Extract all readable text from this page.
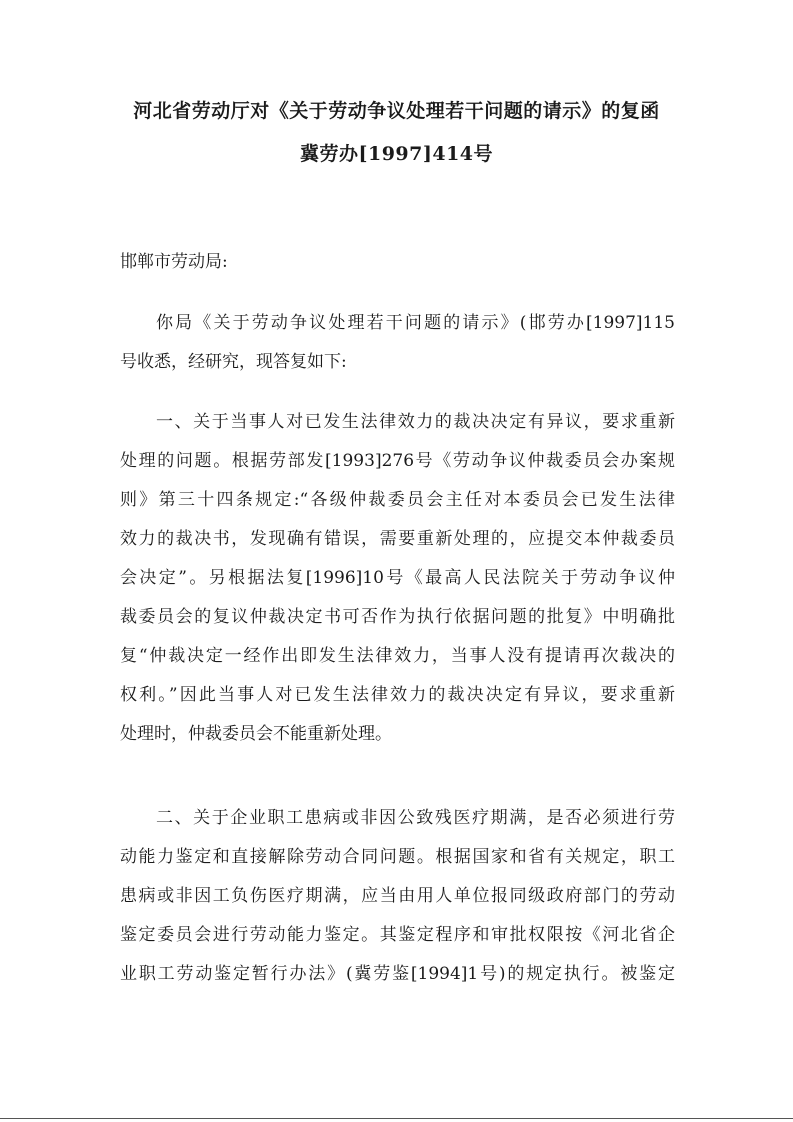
河北省劳动厅对《关于劳动争议处理若干问题的请示》的复函
冀劳办[1997]414号
邯郸市劳动局:
你局《关于劳动争议处理若干问题的请示》(邯劳办[1997]115
号收悉，经研究，现答复如下:
一、关于当事人对已发生法律效力的裁决决定有异议，要求重新
处理的问题。根据劳部发[1993]276号《劳动争议仲裁委员会办案规
则》第三十四条规定:“各级仲裁委员会主任对本委员会已发生法律
效力的裁决书，发现确有错误，需要重新处理的，应提交本仲裁委员
会决定”。另根据法复[1996]10号《最高人民法院关于劳动争议仲
裁委员会的复议仲裁决定书可否作为执行依据问题的批复》中明确批
复“仲裁决定一经作出即发生法律效力，当事人没有提请再次裁决的
权利。”因此当事人对已发生法律效力的裁决决定有异议，要求重新
处理时，仲裁委员会不能重新处理。
二、关于企业职工患病或非因公致残医疗期满，是否必须进行劳
动能力鉴定和直接解除劳动合同问题。根据国家和省有关规定，职工
患病或非因工负伤医疗期满，应当由用人单位报同级政府部门的劳动
鉴定委员会进行劳动能力鉴定。其鉴定程序和审批权限按《河北省企
业职工劳动鉴定暂行办法》(冀劳鉴[1994]1号)的规定执行。被鉴定
